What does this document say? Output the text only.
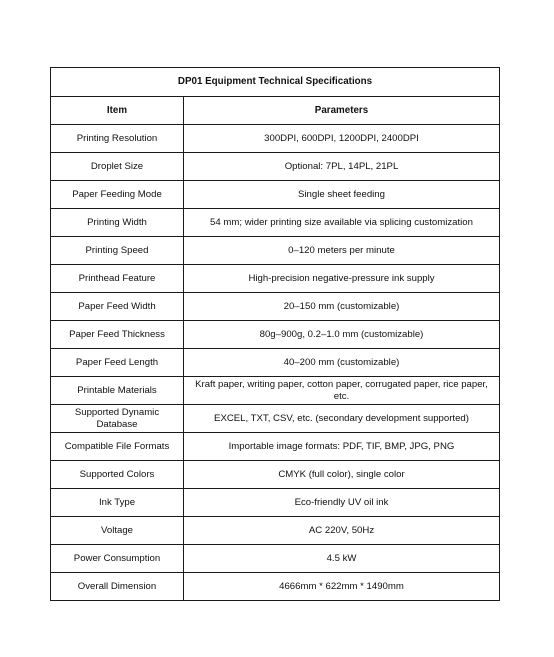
DP01 Equipment Technical Specifications	
Item	Parameters
Printing Resolution	300DPI, 600DPI, 1200DPI, 2400DPI
Droplet Size	Optional: 7PL, 14PL, 21PL
Paper Feeding Mode	Single sheet feeding
Printing Width	54 mm; wider printing size available via splicing customization
Printing Speed	0–120 meters per minute
Printhead Feature	High-precision negative-pressure ink supply
Paper Feed Width	20–150 mm (customizable)
Paper Feed Thickness	80g–900g, 0.2–1.0 mm (customizable)
Paper Feed Length	40–200 mm (customizable)
Printable Materials	Kraft paper, writing paper, cotton paper, corrugated paper, rice paper, etc.
Supported Dynamic Database	EXCEL, TXT, CSV, etc. (secondary development supported)
Compatible File Formats	Importable image formats: PDF, TIF, BMP, JPG, PNG
Supported Colors	CMYK (full color), single color
Ink Type	Eco-friendly UV oil ink
Voltage	AC 220V, 50Hz
Power Consumption	4.5 kW
Overall Dimension	4666mm * 622mm * 1490mm
